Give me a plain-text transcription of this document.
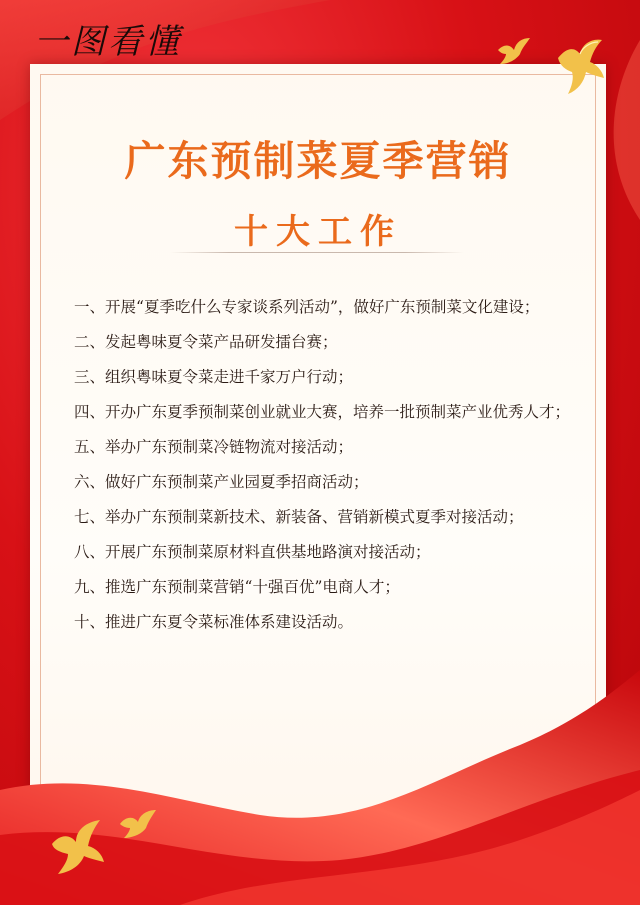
一图看懂
广东预制菜夏季营销
十大工作
一、 开展“夏季吃什么专家谈系列活动”，做好广东预制菜文化建设；
二、 发起粤味夏令菜产品研发擂台赛；
三、 组织粤味夏令菜走进千家万户行动；
四、 开办广东夏季预制菜创业就业大赛，培养一批预制菜产业优秀人才；
五、 举办广东预制菜冷链物流对接活动；
六、 做好广东预制菜产业园夏季招商活动；
七、 举办广东预制菜新技术、新装备、营销新模式夏季对接活动；
八、 开展广东预制菜原材料直供基地路演对接活动；
九、 推选广东预制菜营销“十强百优”电商人才；
十、 推进广东夏令菜标准体系建设活动。
